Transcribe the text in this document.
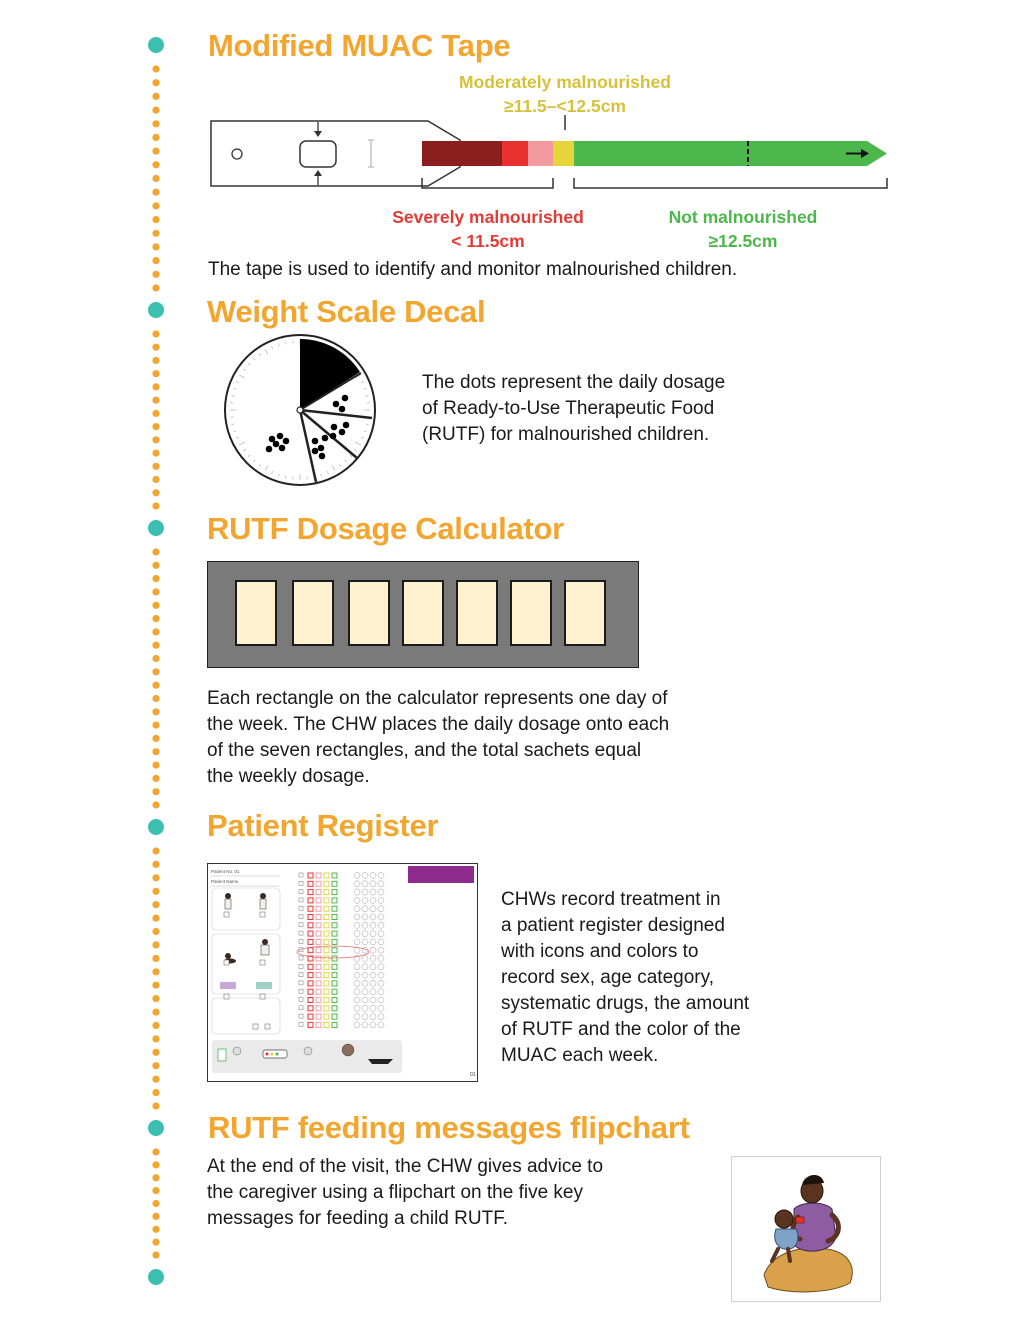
Modified MUAC Tape
Moderately malnourished
≥11.5–<12.5cm
Severely malnourished
< 11.5cm
Not malnourished
≥12.5cm
The tape is used to identify and monitor malnourished children.
Weight Scale Decal
The dots represent the daily dosage
of Ready-to-Use Therapeutic Food
(RUTF) for malnourished children.
RUTF Dosage Calculator
Each rectangle on the calculator represents one day of
the week. The CHW places the daily dosage onto each
of the seven rectangles, and the total sachets equal
the weekly dosage.
Patient Register
Patient No. 01
Patient Name
01
CHWs record treatment in
a patient register designed
with icons and colors to
record sex, age category,
systematic drugs, the amount
of RUTF and the color of the
MUAC each week.
RUTF feeding messages flipchart
At the end of the visit, the CHW gives advice to
the caregiver using a flipchart on the five key
messages for feeding a child RUTF.
